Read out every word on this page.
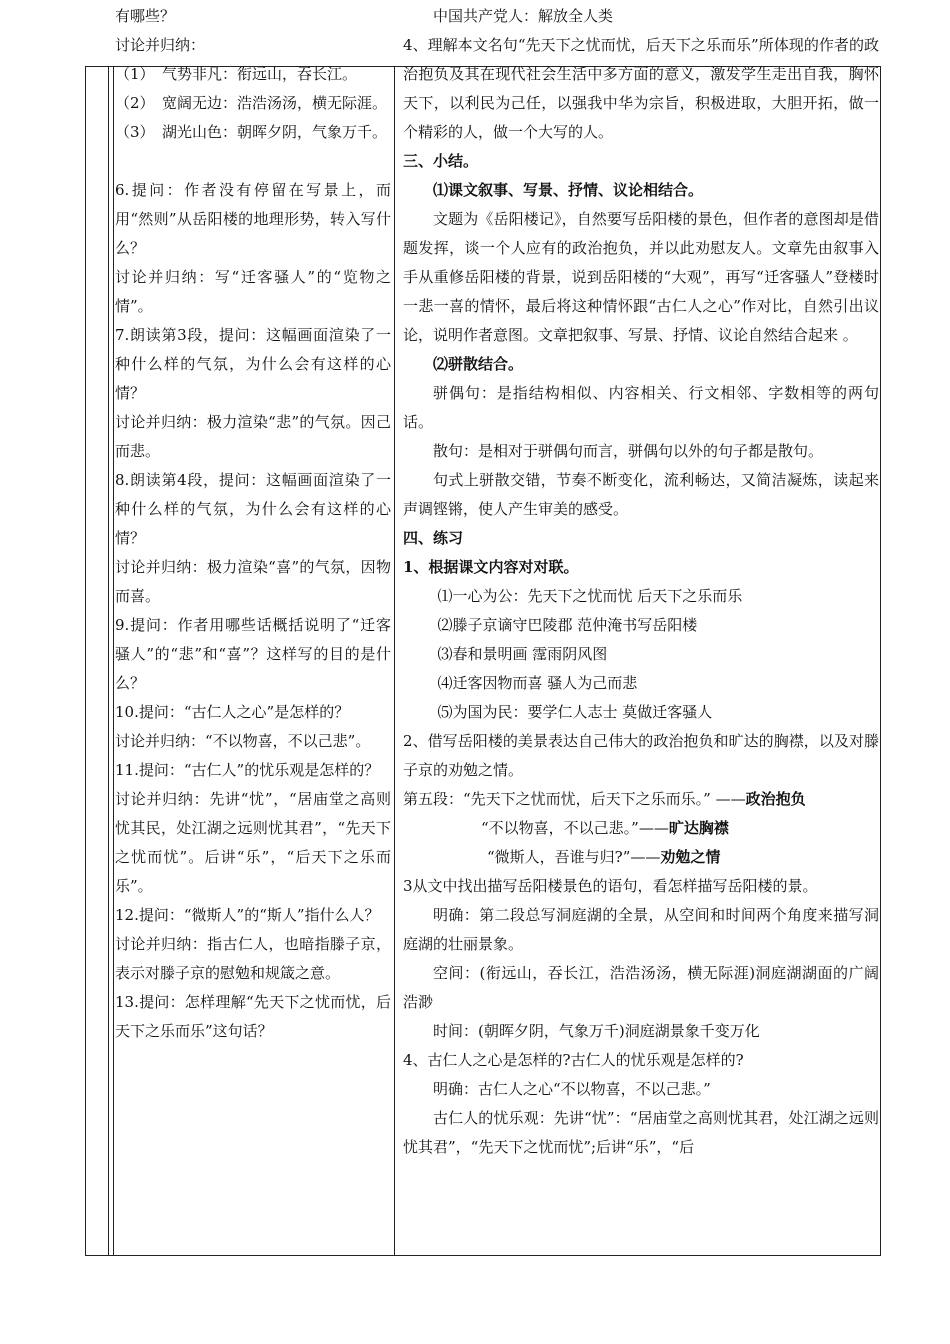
有哪些？

讨论并归纳：

（1）　气势非凡：衔远山，吞长江。

（2）　宽阔无边：浩浩汤汤，横无际涯。

（3）　湖光山色：朝晖夕阴，气象万千。

6.提问：作者没有停留在写景上，而用“然则”从岳阳楼的地理形势，转入写什么？

讨论并归纳：写“迁客骚人”的“览物之情”。

7.朗读第3段，提问：这幅画面渲染了一种什么样的气氛，为什么会有这样的心情？

讨论并归纳：极力渲染“悲”的气氛。因己而悲。

8.朗读第4段，提问：这幅画面渲染了一种什么样的气氛，为什么会有这样的心情？

讨论并归纳：极力渲染“喜”的气氛，因物而喜。

9.提问：作者用哪些话概括说明了“迁客骚人”的“悲”和“喜”？这样写的目的是什么？

10.提问：“古仁人之心”是怎样的？

讨论并归纳：“不以物喜，不以己悲”。

11.提问：“古仁人”的忧乐观是怎样的？

讨论并归纳：先讲“忧”，“居庙堂之高则忧其民，处江湖之远则忧其君”，“先天下之忧而忧”。后讲“乐”，“后天下之乐而乐”。

12.提问：“微斯人”的“斯人”指什么人？

讨论并归纳：指古仁人，也暗指滕子京，表示对滕子京的慰勉和规箴之意。

13.提问：怎样理解“先天下之忧而忧，后天下之乐而乐”这句话？

中国共产党人：解放全人类

4、理解本文名句“先天下之忧而忧，后天下之乐而乐”所体现的作者的政治抱负及其在现代社会生活中多方面的意义，激发学生走出自我，胸怀天下，以利民为己任，以强我中华为宗旨，积极进取，大胆开拓，做一个精彩的人，做一个大写的人。

三、小结。

⑴课文叙事、写景、抒情、议论相结合。

文题为《岳阳楼记》，自然要写岳阳楼的景色，但作者的意图却是借题发挥，谈一个人应有的政治抱负，并以此劝慰友人。文章先由叙事入手从重修岳阳楼的背景，说到岳阳楼的“大观”，再写“迁客骚人”登楼时一悲一喜的情怀，最后将这种情怀跟“古仁人之心”作对比，自然引出议论，说明作者意图。文章把叙事、写景、抒情、议论自然结合起来 。

⑵骈散结合。

骈偶句：是指结构相似、内容相关、行文相邻、字数相等的两句话。

散句：是相对于骈偶句而言，骈偶句以外的句子都是散句。

句式上骈散交错，节奏不断变化，流利畅达，又简洁凝炼，读起来声调铿锵，使人产生审美的感受。

四、练习

1、根据课文内容对对联。

⑴一心为公：先天下之忧而忧 后天下之乐而乐

⑵滕子京谪守巴陵郡 范仲淹书写岳阳楼

⑶春和景明画 霪雨阴风图

⑷迁客因物而喜 骚人为己而悲

⑸为国为民：要学仁人志士 莫做迁客骚人

2、借写岳阳楼的美景表达自己伟大的政治抱负和旷达的胸襟，以及对滕子京的劝勉之情。

第五段：“先天下之忧而忧，后天下之乐而乐。” ——政治抱负

“不以物喜，不以己悲。”——旷达胸襟

“微斯人，吾谁与归?”——劝勉之情

3从文中找出描写岳阳楼景色的语句，看怎样描写岳阳楼的景。

明确：第二段总写洞庭湖的全景，从空间和时间两个角度来描写洞庭湖的壮丽景象。

空间：(衔远山，吞长江，浩浩汤汤，横无际涯)洞庭湖湖面的广阔浩渺

时间：(朝晖夕阴，气象万千)洞庭湖景象千变万化

4、古仁人之心是怎样的?古仁人的忧乐观是怎样的?

明确：古仁人之心“不以物喜，不以己悲。”

古仁人的忧乐观：先讲“忧”：“居庙堂之高则忧其君，处江湖之远则忧其君”，“先天下之忧而忧”;后讲“乐”，“后
